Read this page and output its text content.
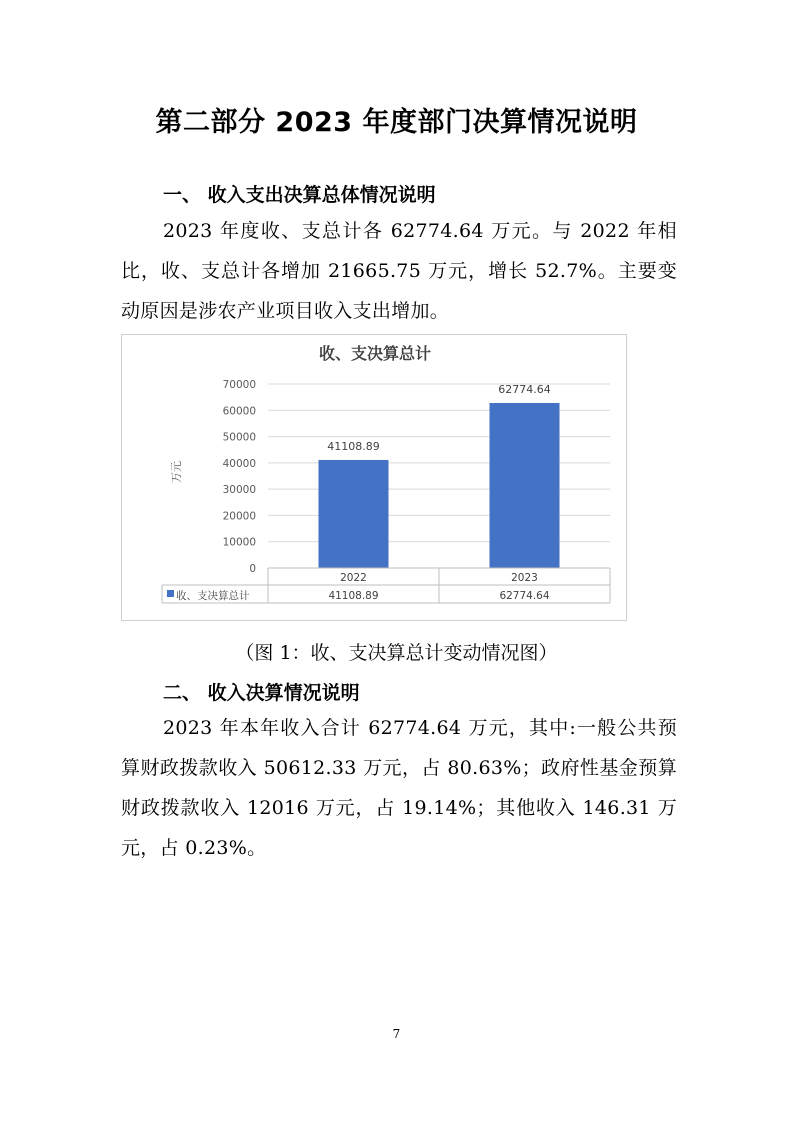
第二部分 2023 年度部门决算情况说明
一、 收入支出决算总体情况说明
2023 年度收、支总计各 62774.64 万元。与 2022 年相比，收、支总计各增加 21665.75 万元，增长 52.7%。主要变动原因是涉农产业项目收入支出增加。
收、支决算总计
万元
0
10000
20000
30000
40000
50000
60000
70000
41108.89
62774.64
2022
41108.89
2023
62774.64
收、支决算总计
（图 1：收、支决算总计变动情况图）
二、 收入决算情况说明
2023 年本年收入合计 62774.64 万元，其中:一般公共预算财政拨款收入 50612.33 万元，占 80.63%；政府性基金预算财政拨款收入 12016 万元，占 19.14%；其他收入 146.31 万元，占 0.23%。
7
